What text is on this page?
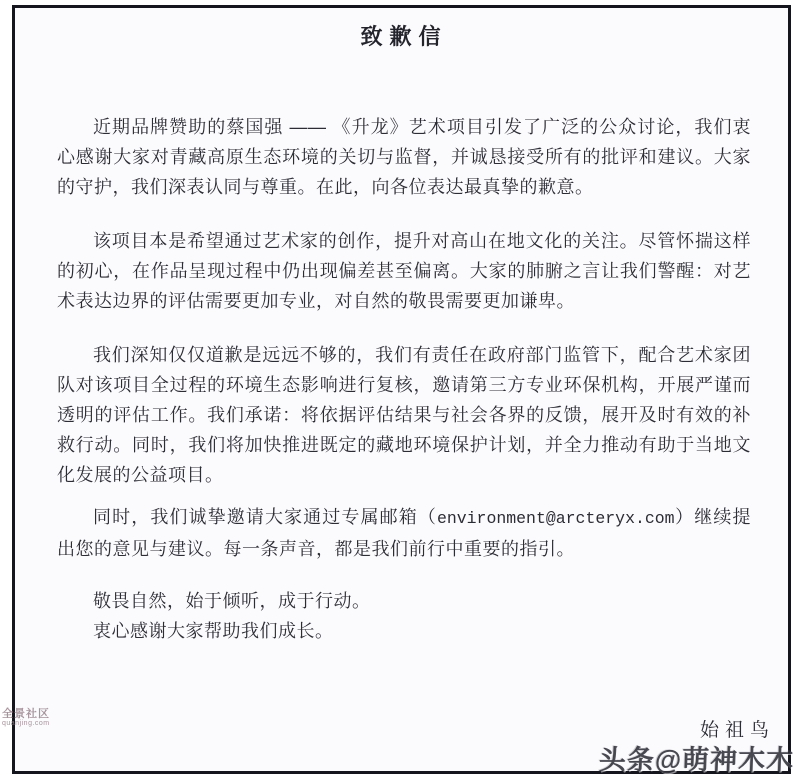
致歉信

近期品牌赞助的蔡国强 —— 《升龙》艺术项目引发了广泛的公众讨论，我们衷心感谢大家对青藏高原生态环境的关切与监督，并诚恳接受所有的批评和建议。大家的守护，我们深表认同与尊重。在此，向各位表达最真挚的歉意。

该项目本是希望通过艺术家的创作，提升对高山在地文化的关注。尽管怀揣这样的初心，在作品呈现过程中仍出现偏差甚至偏离。大家的肺腑之言让我们警醒：对艺术表达边界的评估需要更加专业，对自然的敬畏需要更加谦卑。

我们深知仅仅道歉是远远不够的，我们有责任在政府部门监管下，配合艺术家团队对该项目全过程的环境生态影响进行复核，邀请第三方专业环保机构，开展严谨而透明的评估工作。我们承诺：将依据评估结果与社会各界的反馈，展开及时有效的补救行动。同时，我们将加快推进既定的藏地环境保护计划，并全力推动有助于当地文化发展的公益项目。

同时，我们诚挚邀请大家通过专属邮箱（environment@arcteryx.com）继续提出您的意见与建议。每一条声音，都是我们前行中重要的指引。

敬畏自然，始于倾听，成于行动。
衷心感谢大家帮助我们成长。
始祖鸟
全景社区
quanjing.com
头条@萌神木木
